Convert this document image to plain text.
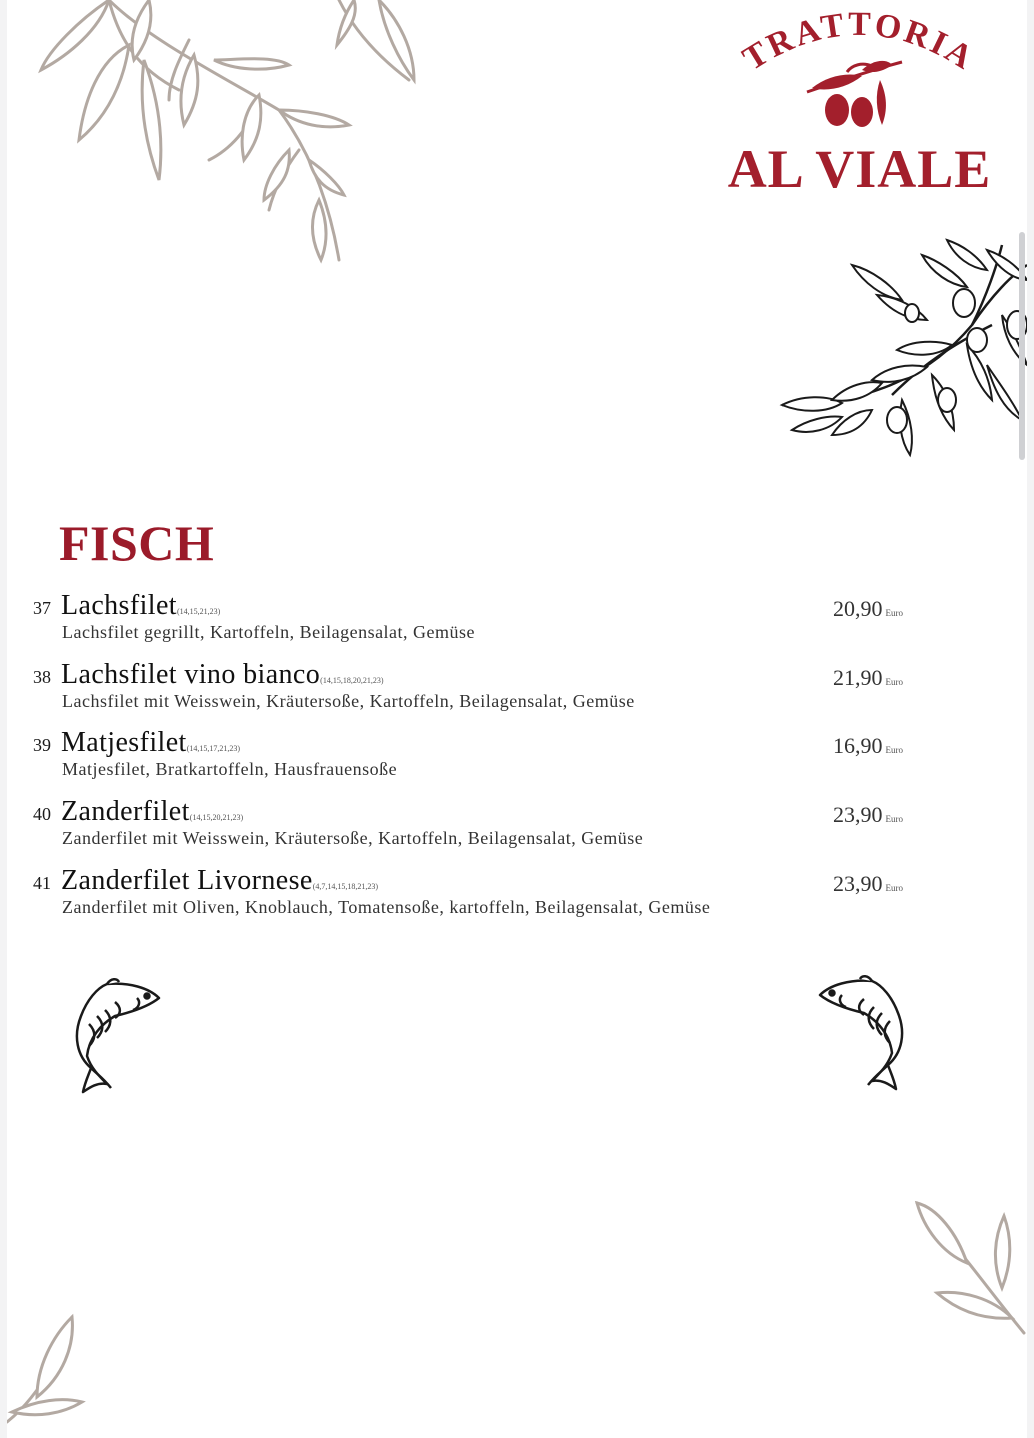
TRATTORIA
AL VIALE
FISCH
37 Lachsfilet(14,15,21,23)
Lachsfilet gegrillt, Kartoffeln, Beilagensalat, Gemüse
20,90 Euro
38 Lachsfilet vino bianco(14,15,18,20,21,23)
Lachsfilet mit Weisswein, Kräutersoße, Kartoffeln, Beilagensalat, Gemüse
21,90 Euro
39 Matjesfilet(14,15,17,21,23)
Matjesfilet, Bratkartoffeln, Hausfrauensoße
16,90 Euro
40 Zanderfilet(14,15,20,21,23)
Zanderfilet mit Weisswein, Kräutersoße, Kartoffeln, Beilagensalat, Gemüse
23,90 Euro
41 Zanderfilet Livornese(4,7,14,15,18,21,23)
Zanderfilet mit Oliven, Knoblauch, Tomatensoße, kartoffeln, Beilagensalat, Gemüse
23,90 Euro
